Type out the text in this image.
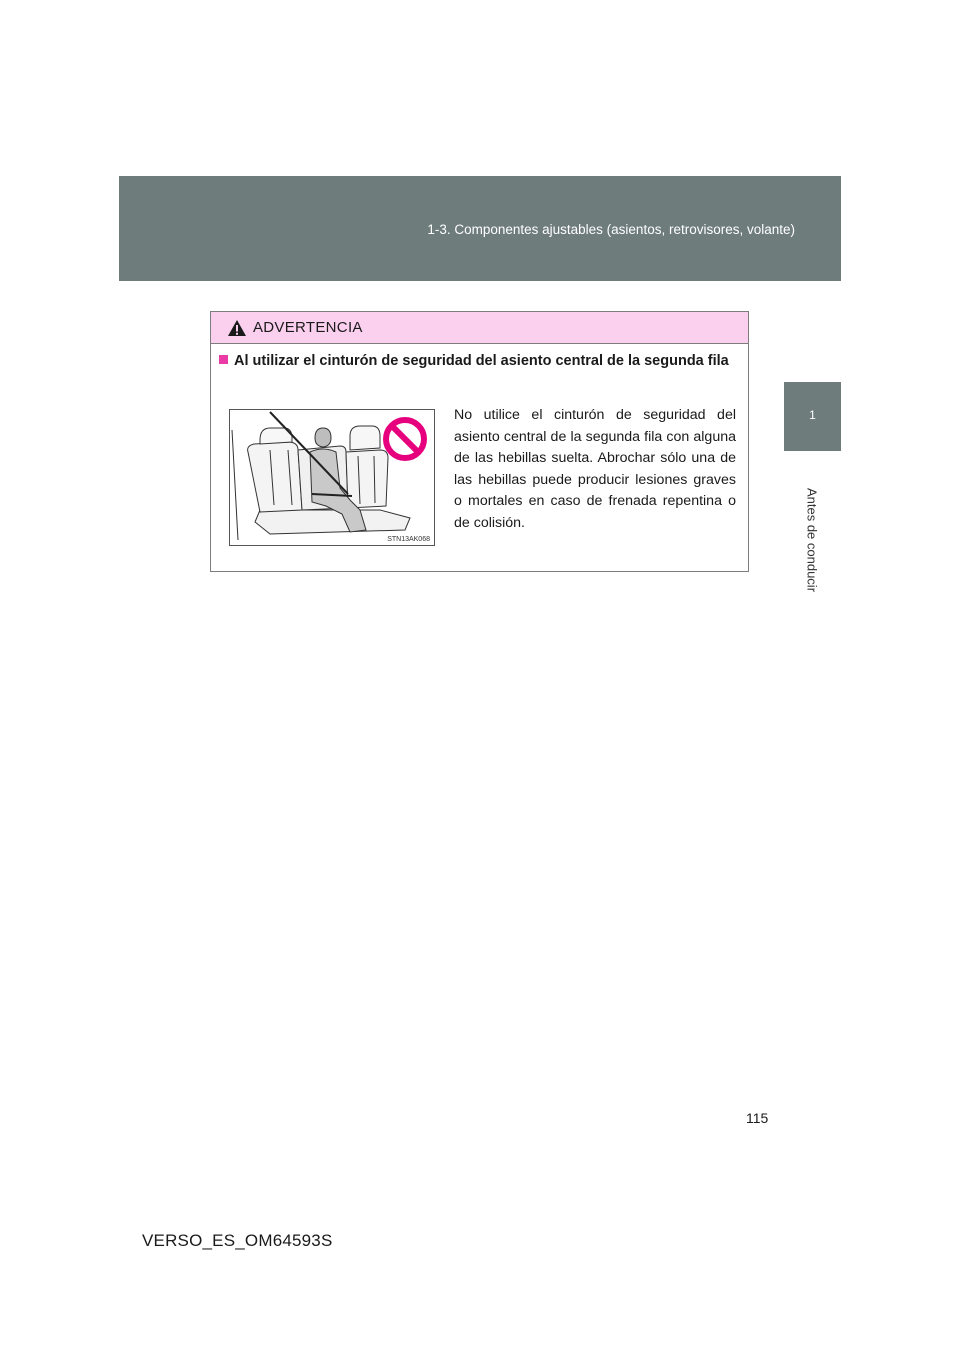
1-3. Componentes ajustables (asientos, retrovisores, volante)
1
Antes de conducir
ADVERTENCIA
Al utilizar el cinturón de seguridad del asiento central de la segunda fila
STN13AK068
No utilice el cinturón de seguridad del asiento central de la segunda fila con alguna de las hebillas suelta. Abrochar sólo una de las hebillas puede producir lesiones graves o mortales en caso de frenada repentina o de colisión.
115
VERSO_ES_OM64593S
